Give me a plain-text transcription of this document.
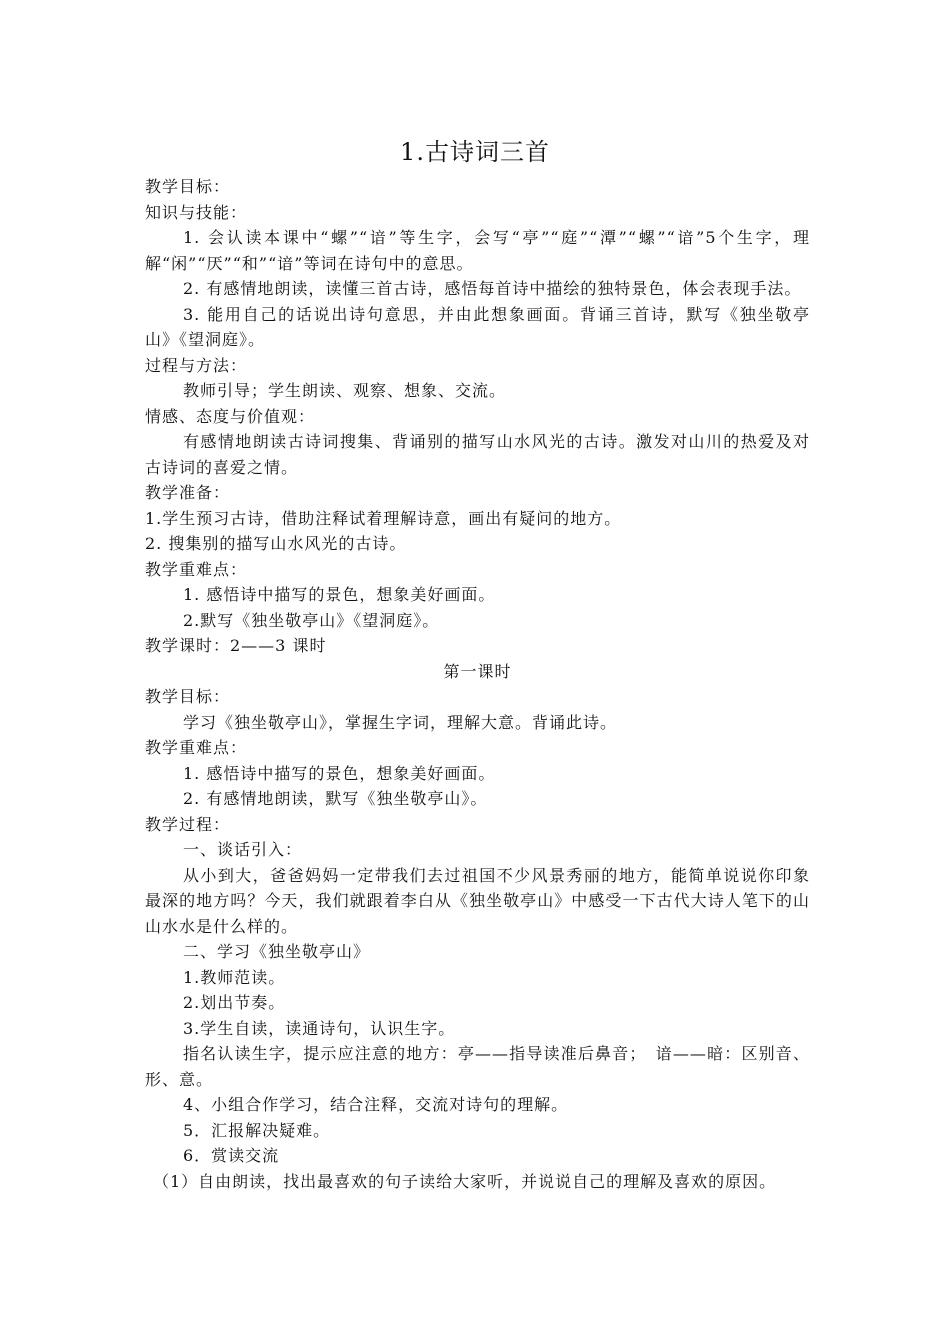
1.古诗词三首
教学目标：
知识与技能：
1. 会认读本课中“螺”“谙”等生字，会写“亭”“庭”“潭”“螺”“谙”5个生字，理解“闲”“厌”“和”“谙”等词在诗句中的意思。
2. 有感情地朗读，读懂三首古诗，感悟每首诗中描绘的独特景色，体会表现手法。
3. 能用自己的话说出诗句意思，并由此想象画面。背诵三首诗，默写《独坐敬亭山》《望洞庭》。
过程与方法：
教师引导；学生朗读、观察、想象、交流。
情感、态度与价值观：
有感情地朗读古诗词搜集、背诵别的描写山水风光的古诗。激发对山川的热爱及对古诗词的喜爱之情。
教学准备：
1.学生预习古诗，借助注释试着理解诗意，画出有疑问的地方。
2. 搜集别的描写山水风光的古诗。
教学重难点：
1. 感悟诗中描写的景色，想象美好画面。
2.默写《独坐敬亭山》《望洞庭》。
教学课时：2——3 课时
第一课时
教学目标：
学习《独坐敬亭山》，掌握生字词，理解大意。背诵此诗。
教学重难点：
1. 感悟诗中描写的景色，想象美好画面。
2. 有感情地朗读，默写《独坐敬亭山》。
教学过程：
一、谈话引入：
从小到大，爸爸妈妈一定带我们去过祖国不少风景秀丽的地方，能简单说说你印象最深的地方吗？今天，我们就跟着李白从《独坐敬亭山》中感受一下古代大诗人笔下的山山水水是什么样的。
二、学习《独坐敬亭山》
1.教师范读。
2.划出节奏。
3.学生自读，读通诗句，认识生字。
指名认读生字，提示应注意的地方：亭——指导读准后鼻音；　谙——暗：区别音、形、意。
4、小组合作学习，结合注释，交流对诗句的理解。
5．汇报解决疑难。
6．赏读交流
（1）自由朗读，找出最喜欢的句子读给大家听，并说说自己的理解及喜欢的原因。
